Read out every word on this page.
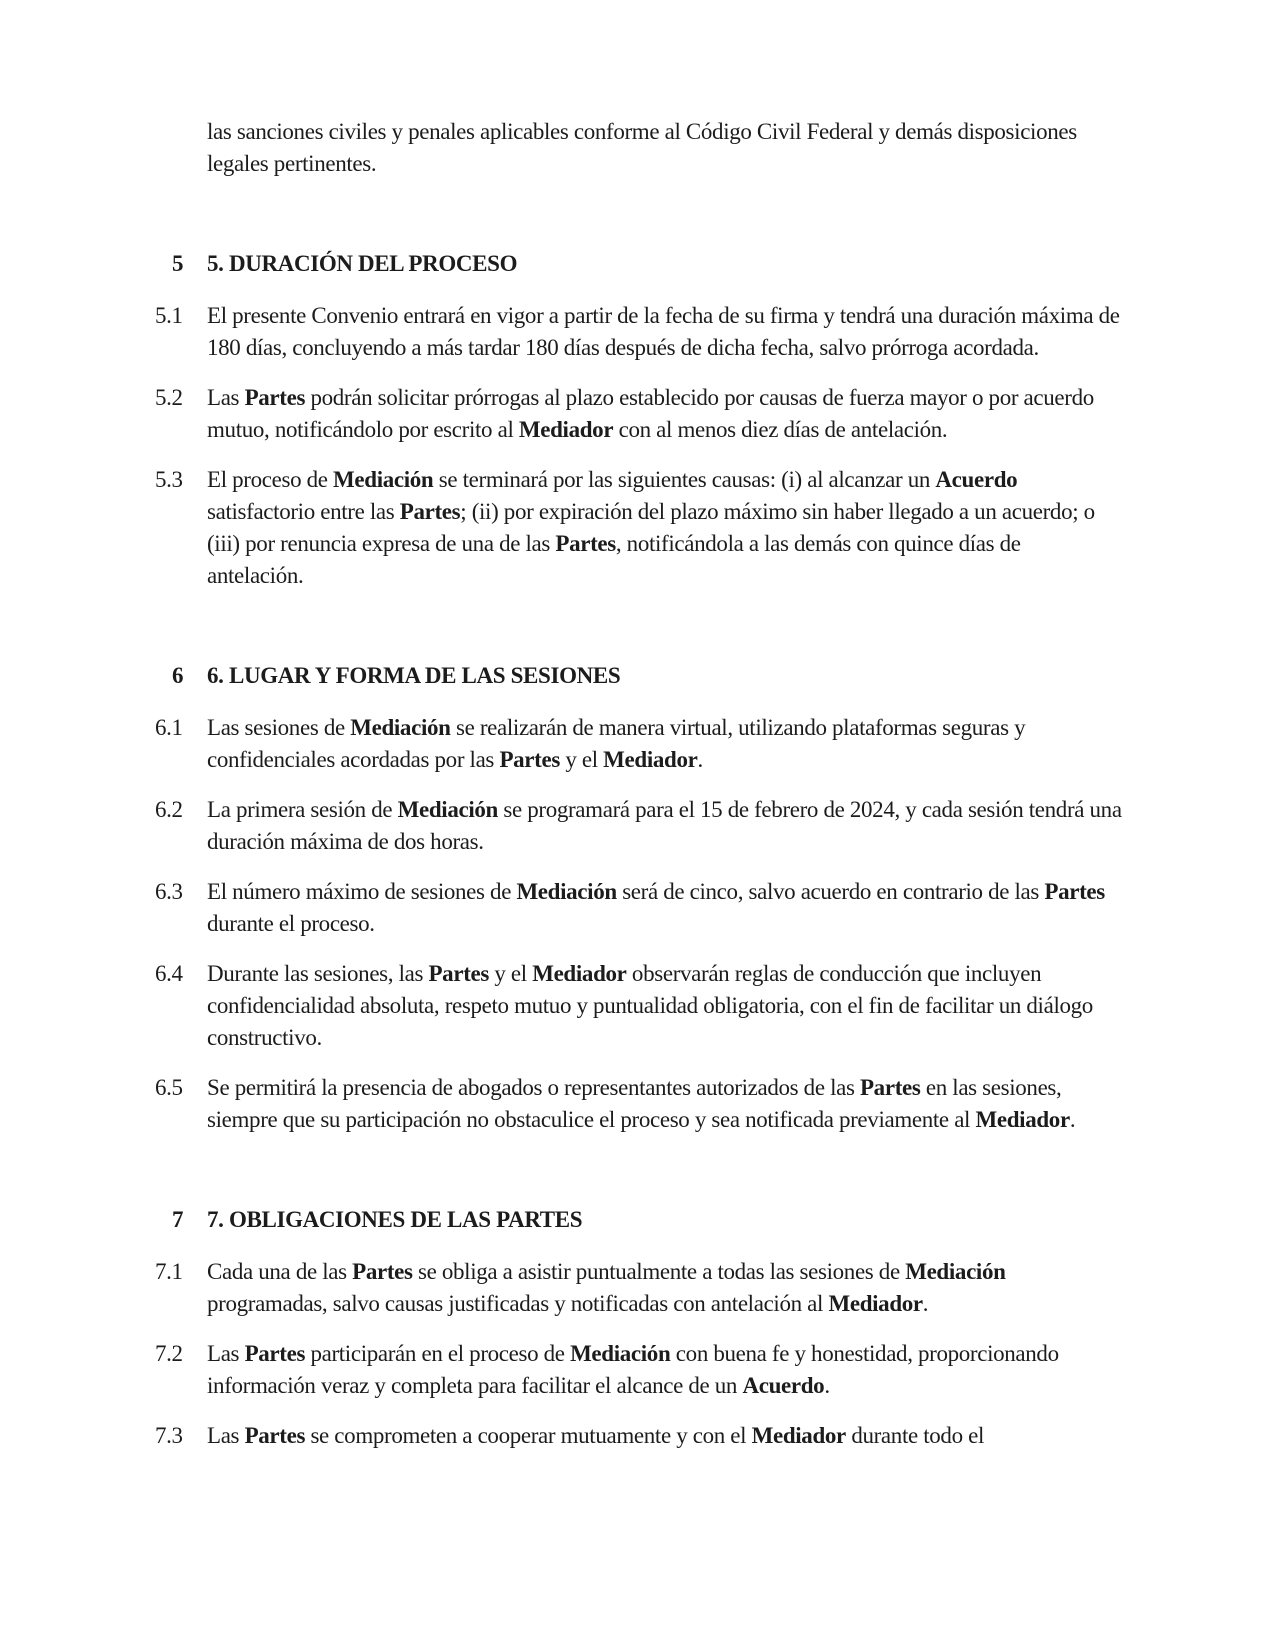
las sanciones civiles y penales aplicables conforme al Código Civil Federal y demás disposiciones legales pertinentes.

5	5. DURACIÓN DEL PROCESO
5.1	El presente Convenio entrará en vigor a partir de la fecha de su firma y tendrá una duración máxima de 180 días, concluyendo a más tardar 180 días después de dicha fecha, salvo prórroga acordada.
5.2	Las Partes podrán solicitar prórrogas al plazo establecido por causas de fuerza mayor o por acuerdo mutuo, notificándolo por escrito al Mediador con al menos diez días de antelación.
5.3	El proceso de Mediación se terminará por las siguientes causas: (i) al alcanzar un Acuerdo satisfactorio entre las Partes; (ii) por expiración del plazo máximo sin haber llegado a un acuerdo; o (iii) por renuncia expresa de una de las Partes, notificándola a las demás con quince días de antelación.
6	6. LUGAR Y FORMA DE LAS SESIONES
6.1	Las sesiones de Mediación se realizarán de manera virtual, utilizando plataformas seguras y confidenciales acordadas por las Partes y el Mediador.
6.2	La primera sesión de Mediación se programará para el 15 de febrero de 2024, y cada sesión tendrá una duración máxima de dos horas.
6.3	El número máximo de sesiones de Mediación será de cinco, salvo acuerdo en contrario de las Partes durante el proceso.
6.4	Durante las sesiones, las Partes y el Mediador observarán reglas de conducción que incluyen confidencialidad absoluta, respeto mutuo y puntualidad obligatoria, con el fin de facilitar un diálogo constructivo.
6.5	Se permitirá la presencia de abogados o representantes autorizados de las Partes en las sesiones, siempre que su participación no obstaculice el proceso y sea notificada previamente al Mediador.
7	7. OBLIGACIONES DE LAS PARTES
7.1	Cada una de las Partes se obliga a asistir puntualmente a todas las sesiones de Mediación programadas, salvo causas justificadas y notificadas con antelación al Mediador.
7.2	Las Partes participarán en el proceso de Mediación con buena fe y honestidad, proporcionando información veraz y completa para facilitar el alcance de un Acuerdo.
7.3	Las Partes se comprometen a cooperar mutuamente y con el Mediador durante todo el
